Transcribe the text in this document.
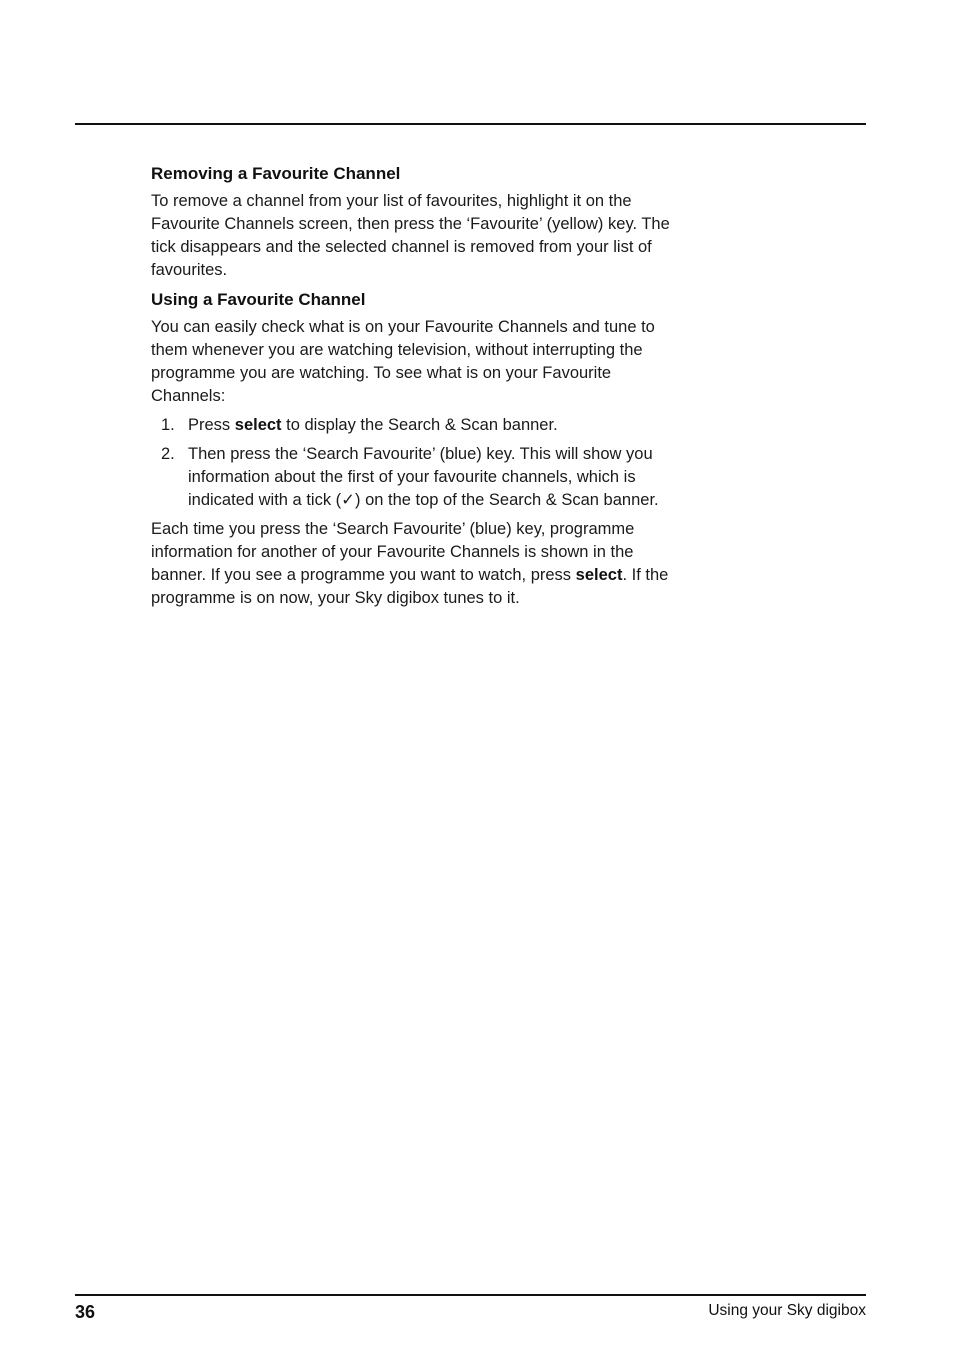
Removing a Favourite Channel

To remove a channel from your list of favourites, highlight it on the Favourite Channels screen, then press the ‘Favourite’ (yellow) key. The tick disappears and the selected channel is removed from your list of favourites.

Using a Favourite Channel

You can easily check what is on your Favourite Channels and tune to them whenever you are watching television, without interrupting the programme you are watching. To see what is on your Favourite Channels:

1. Press select to display the Search & Scan banner.
2. Then press the ‘Search Favourite’ (blue) key. This will show you information about the first of your favourite channels, which is indicated with a tick (✓) on the top of the Search & Scan banner.

Each time you press the ‘Search Favourite’ (blue) key, programme information for another of your Favourite Channels is shown in the banner. If you see a programme you want to watch, press select. If the programme is on now, your Sky digibox tunes to it.

36	Using your Sky digibox
